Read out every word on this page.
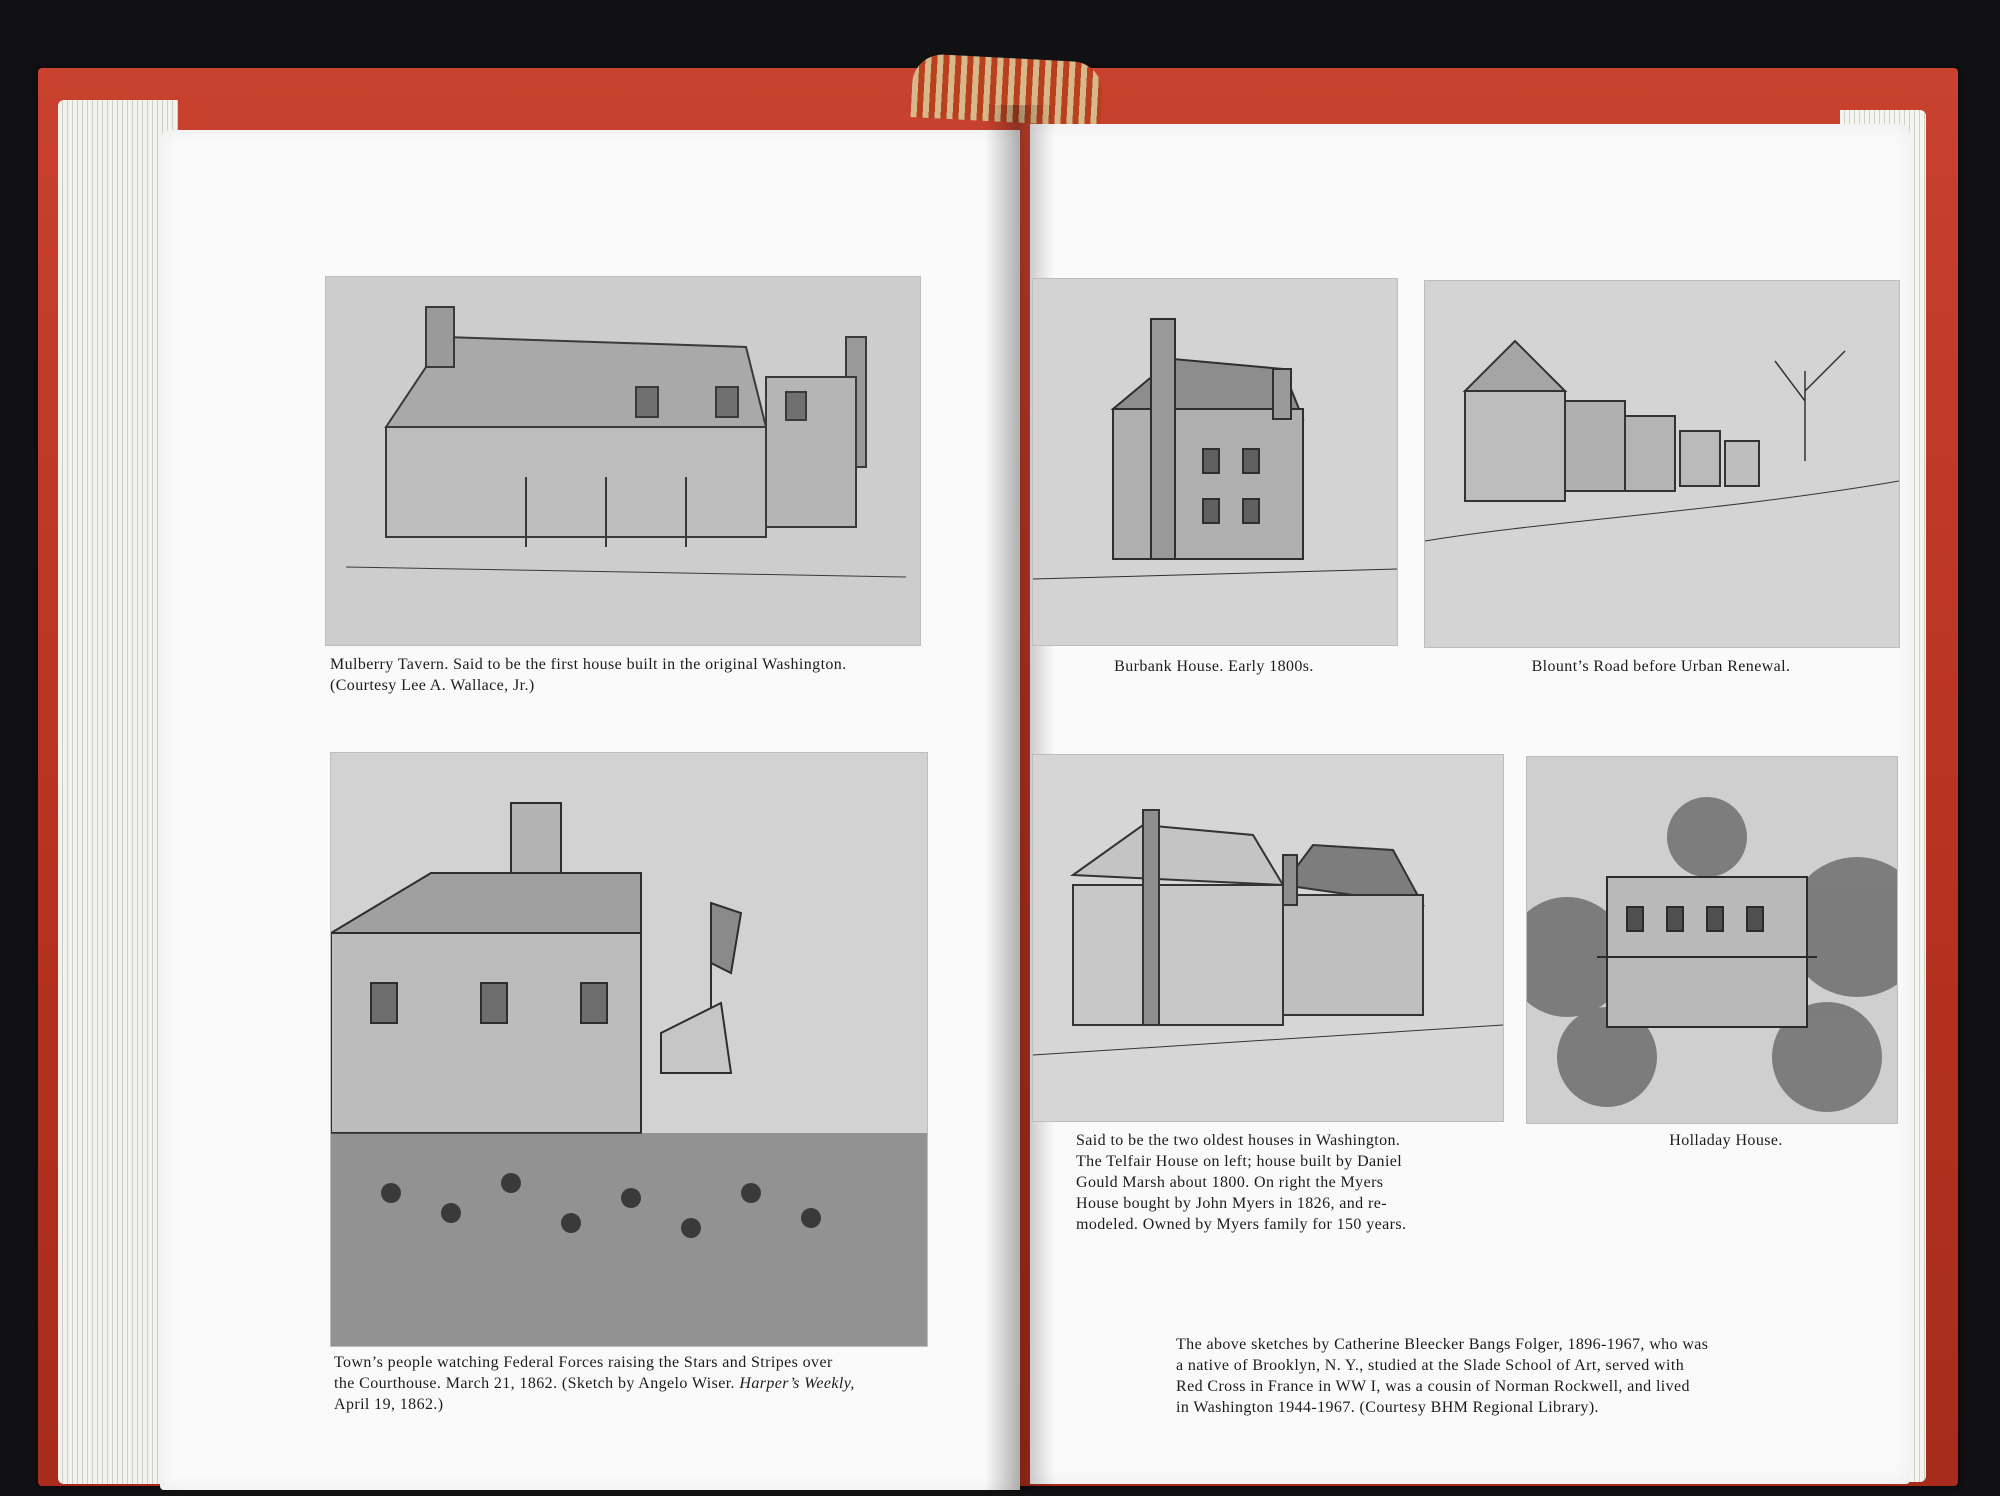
Mulberry Tavern. Said to be the first house built in the original Washington.
(Courtesy Lee A. Wallace, Jr.)
Town’s people watching Federal Forces raising the Stars and Stripes over
the Courthouse. March 21, 1862. (Sketch by Angelo Wiser. Harper’s Weekly,
April 19, 1862.)
Burbank House. Early 1800s.	Blount’s Road before Urban Renewal.
Said to be the two oldest houses in Washington.
The Telfair House on left; house built by Daniel
Gould Marsh about 1800. On right the Myers
House bought by John Myers in 1826, and re-
modeled. Owned by Myers family for 150 years.
Holladay House.
The above sketches by Catherine Bleecker Bangs Folger, 1896-1967, who was
a native of Brooklyn, N. Y., studied at the Slade School of Art, served with
Red Cross in France in WW I, was a cousin of Norman Rockwell, and lived
in Washington 1944-1967. (Courtesy BHM Regional Library).
